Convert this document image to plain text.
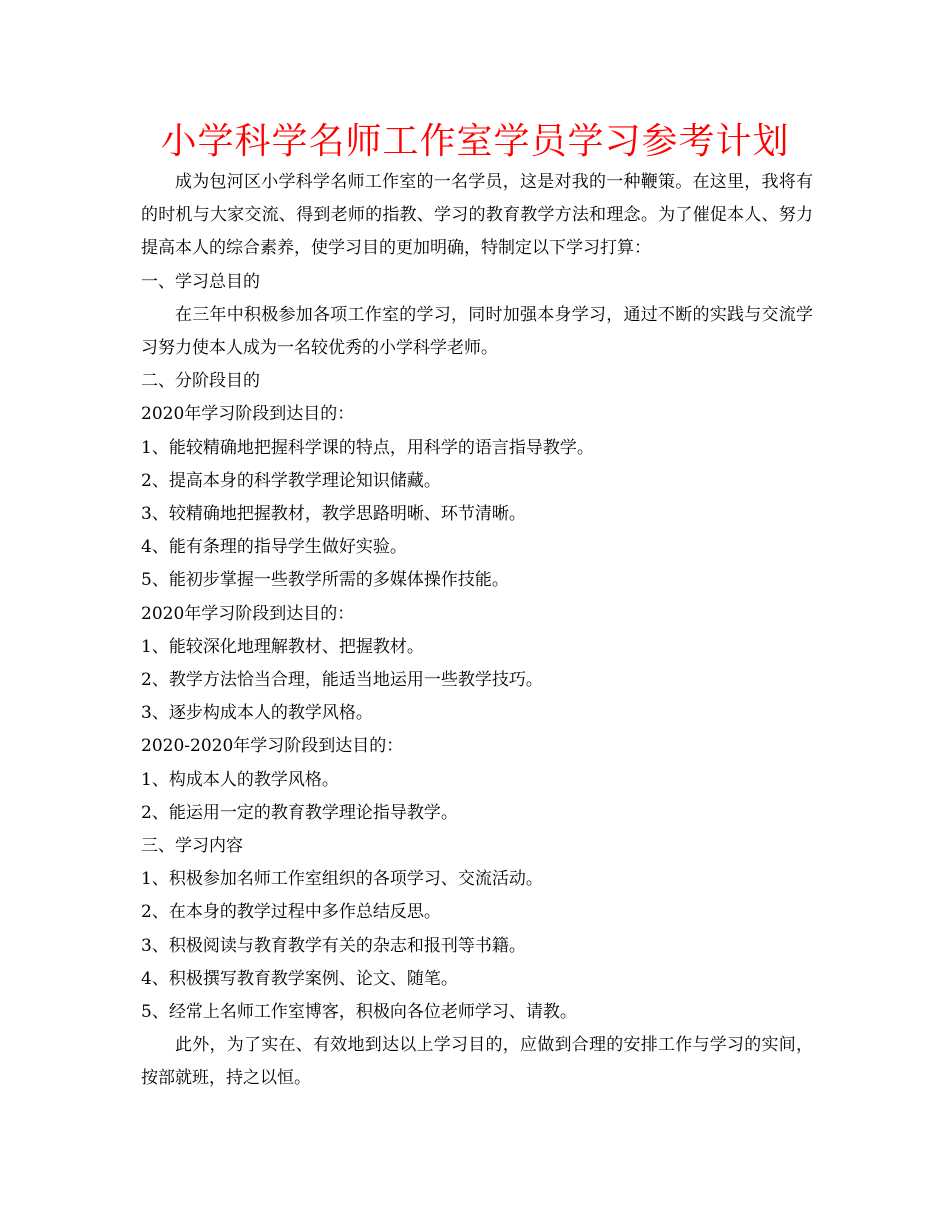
小学科学名师工作室学员学习参考计划

成为包河区小学科学名师工作室的一名学员，这是对我的一种鞭策。在这里，我将有的时机与大家交流、得到老师的指教、学习的教育教学方法和理念。为了催促本人、努力提高本人的综合素养，使学习目的更加明确，特制定以下学习打算：

一、学习总目的

在三年中积极参加各项工作室的学习，同时加强本身学习，通过不断的实践与交流学习努力使本人成为一名较优秀的小学科学老师。

二、分阶段目的

2020年学习阶段到达目的：

1、能较精确地把握科学课的特点，用科学的语言指导教学。

2、提高本身的科学教学理论知识储藏。

3、较精确地把握教材，教学思路明晰、环节清晰。

4、能有条理的指导学生做好实验。

5、能初步掌握一些教学所需的多媒体操作技能。

2020年学习阶段到达目的：

1、能较深化地理解教材、把握教材。

2、教学方法恰当合理，能适当地运用一些教学技巧。

3、逐步构成本人的教学风格。

2020-2020年学习阶段到达目的：

1、构成本人的教学风格。

2、能运用一定的教育教学理论指导教学。

三、学习内容

1、积极参加名师工作室组织的各项学习、交流活动。

2、在本身的教学过程中多作总结反思。

3、积极阅读与教育教学有关的杂志和报刊等书籍。

4、积极撰写教育教学案例、论文、随笔。

5、经常上名师工作室博客，积极向各位老师学习、请教。

此外，为了实在、有效地到达以上学习目的，应做到合理的安排工作与学习的实间，按部就班，持之以恒。
